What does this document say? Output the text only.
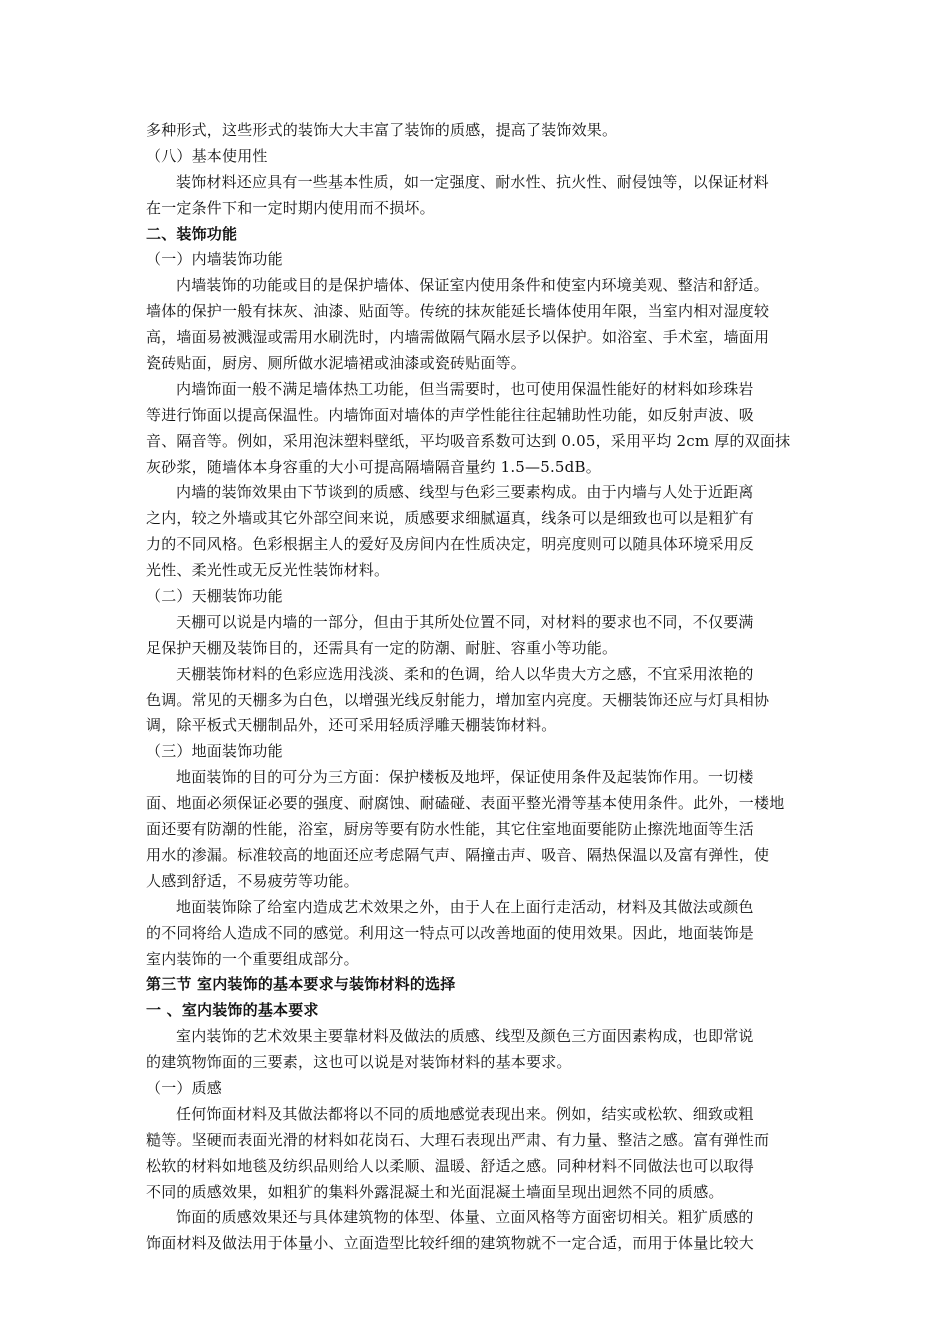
多种形式，这些形式的装饰大大丰富了装饰的质感，提高了装饰效果。
（八）基本使用性
装饰材料还应具有一些基本性质，如一定强度、耐水性、抗火性、耐侵蚀等，以保证材料
在一定条件下和一定时期内使用而不损坏。
二、装饰功能
（一）内墙装饰功能
内墙装饰的功能或目的是保护墙体、保证室内使用条件和使室内环境美观、整洁和舒适。
墙体的保护一般有抹灰、油漆、贴面等。传统的抹灰能延长墙体使用年限，当室内相对湿度较
高，墙面易被溅湿或需用水刷洗时，内墙需做隔气隔水层予以保护。如浴室、手术室，墙面用
瓷砖贴面，厨房、厕所做水泥墙裙或油漆或瓷砖贴面等。
内墙饰面一般不满足墙体热工功能，但当需要时，也可使用保温性能好的材料如珍珠岩
等进行饰面以提高保温性。内墙饰面对墙体的声学性能往往起辅助性功能，如反射声波、吸
音、隔音等。例如，采用泡沫塑料壁纸，平均吸音系数可达到 0.05，采用平均 2cm 厚的双面抹
灰砂浆，随墙体本身容重的大小可提高隔墙隔音量约 1.5—5.5dB。
内墙的装饰效果由下节谈到的质感、线型与色彩三要素构成。由于内墙与人处于近距离
之内，较之外墙或其它外部空间来说，质感要求细腻逼真，线条可以是细致也可以是粗犷有
力的不同风格。色彩根据主人的爱好及房间内在性质决定，明亮度则可以随具体环境采用反
光性、柔光性或无反光性装饰材料。
（二）天棚装饰功能
天棚可以说是内墙的一部分，但由于其所处位置不同，对材料的要求也不同，不仅要满
足保护天棚及装饰目的，还需具有一定的防潮、耐脏、容重小等功能。
天棚装饰材料的色彩应选用浅淡、柔和的色调，给人以华贵大方之感，不宜采用浓艳的
色调。常见的天棚多为白色，以增强光线反射能力，增加室内亮度。天棚装饰还应与灯具相协
调，除平板式天棚制品外，还可采用轻质浮雕天棚装饰材料。
（三）地面装饰功能
地面装饰的目的可分为三方面：保护楼板及地坪，保证使用条件及起装饰作用。一切楼
面、地面必须保证必要的强度、耐腐蚀、耐磕碰、表面平整光滑等基本使用条件。此外，一楼地
面还要有防潮的性能，浴室，厨房等要有防水性能，其它住室地面要能防止擦洗地面等生活
用水的渗漏。标准较高的地面还应考虑隔气声、隔撞击声、吸音、隔热保温以及富有弹性，使
人感到舒适，不易疲劳等功能。
地面装饰除了给室内造成艺术效果之外，由于人在上面行走活动，材料及其做法或颜色
的不同将给人造成不同的感觉。利用这一特点可以改善地面的使用效果。因此，地面装饰是
室内装饰的一个重要组成部分。
第三节 室内装饰的基本要求与装饰材料的选择
一 、室内装饰的基本要求
室内装饰的艺术效果主要靠材料及做法的质感、线型及颜色三方面因素构成，也即常说
的建筑物饰面的三要素，这也可以说是对装饰材料的基本要求。
（一）质感
任何饰面材料及其做法都将以不同的质地感觉表现出来。例如，结实或松软、细致或粗
糙等。坚硬而表面光滑的材料如花岗石、大理石表现出严肃、有力量、整洁之感。富有弹性而
松软的材料如地毯及纺织品则给人以柔顺、温暖、舒适之感。同种材料不同做法也可以取得
不同的质感效果，如粗犷的集料外露混凝土和光面混凝土墙面呈现出迥然不同的质感。
饰面的质感效果还与具体建筑物的体型、体量、立面风格等方面密切相关。粗犷质感的
饰面材料及做法用于体量小、立面造型比较纤细的建筑物就不一定合适，而用于体量比较大
